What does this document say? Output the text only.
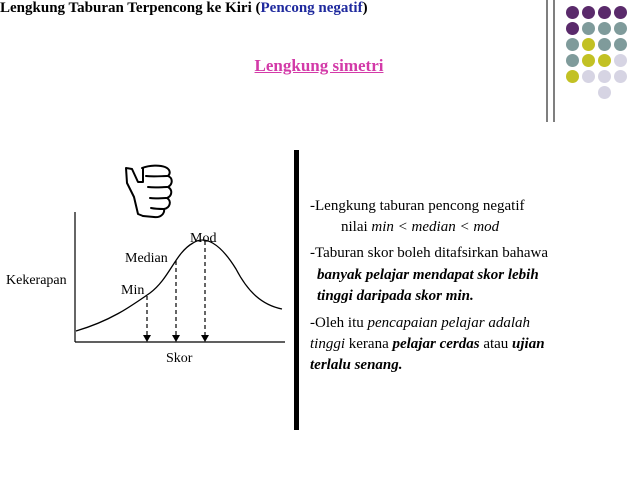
Lengkung simetri
Lengkung Taburan Terpencong ke Kiri (Pencong negatif)
Mod
Median
Min
Kekerapan
Skor
-Lengkung taburan pencong negatif
nilai min < median < mod
-Taburan skor boleh ditafsirkan bahawa
banyak pelajar mendapat skor lebih
tinggi daripada skor min.
-Oleh itu pencapaian pelajar adalah
tinggi kerana pelajar cerdas atau ujian
terlalu senang.
